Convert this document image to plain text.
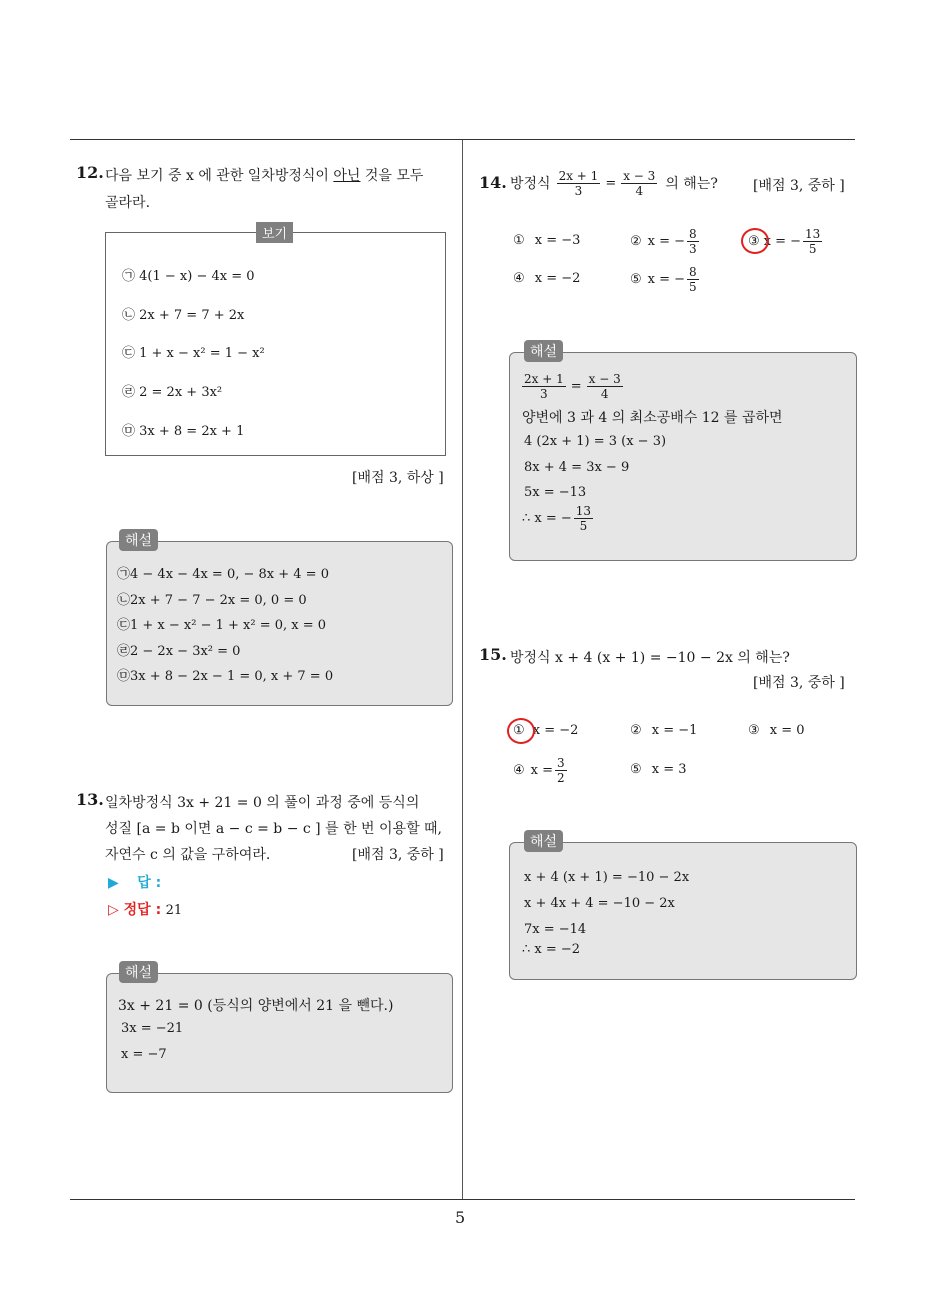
5
12. 다음 보기 중 x 에 관한 일차방정식이 아닌 것을 모두
골라라.
보기
㉠ 4(1 − x) − 4x = 0
㉡ 2x + 7 = 7 + 2x
㉢ 1 + x − x² = 1 − x²
㉣ 2 = 2x + 3x²
㉤ 3x + 8 = 2x + 1
[배점 3, 하상 ]
해설
㉠4 − 4x − 4x = 0, − 8x + 4 = 0
㉡2x + 7 − 7 − 2x = 0, 0 = 0
㉢1 + x − x² − 1 + x² = 0, x = 0
㉣2 − 2x − 3x² = 0
㉤3x + 8 − 2x − 1 = 0, x + 7 = 0
13. 일차방정식 3x + 21 = 0 의 풀이 과정 중에 등식의
성질 [a = b 이면 a − c = b − c ] 를 한 번 이용할 때,
자연수 c 의 값을 구하여라.	[배점 3, 중하 ]
▶ 답 :
▷ 정답 : 21
해설
3x + 21 = 0 (등식의 양변에서 21 을 뺀다.)
3x = −21
x = −7
14. 방정식 $\frac{2x + 1}{3} = \frac{x - 3}{4}$ 의 해는?	[배점 3, 중하 ]
① x = −3	② x = − $\frac{8}{3}$	③ x = − $\frac{13}{5}$
④ x = −2	⑤ x = − $\frac{8}{5}$
해설
$\frac{2x + 1}{3} = \frac{x - 3}{4}$
양변에 3 과 4 의 최소공배수 12 를 곱하면
4 (2x + 1) = 3 (x − 3)
8x + 4 = 3x − 9
5x = −13
∴ x = − $\frac{13}{5}$
15. 방정식 x + 4 (x + 1) = −10 − 2x 의 해는?
[배점 3, 중하 ]
① x = −2	② x = −1	③ x = 0
④ $x = \frac{3}{2}$	⑤ x = 3
해설
x + 4 (x + 1) = −10 − 2x
x + 4x + 4 = −10 − 2x
7x = −14
∴ x = −2
